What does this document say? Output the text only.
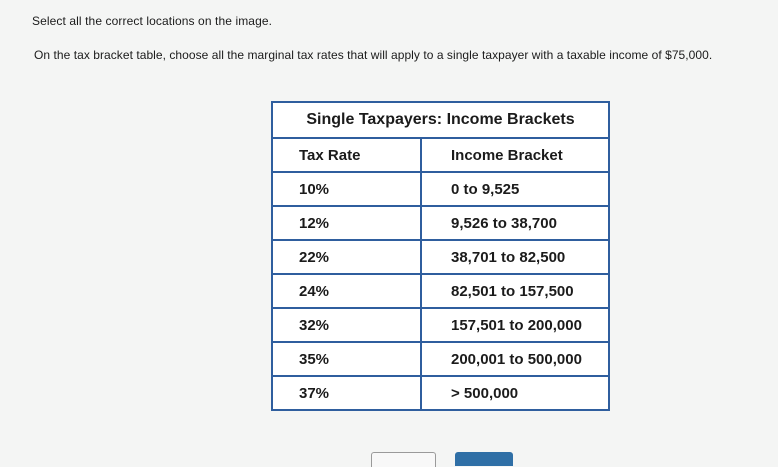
Select all the correct locations on the image.
On the tax bracket table, choose all the marginal tax rates that will apply to a single taxpayer with a taxable income of $75,000.
Single Taxpayers: Income Brackets	
Tax Rate	Income Bracket
10%	0 to 9,525
12%	9,526 to 38,700
22%	38,701 to 82,500
24%	82,501 to 157,500
32%	157,501 to 200,000
35%	200,001 to 500,000
37%	> 500,000
